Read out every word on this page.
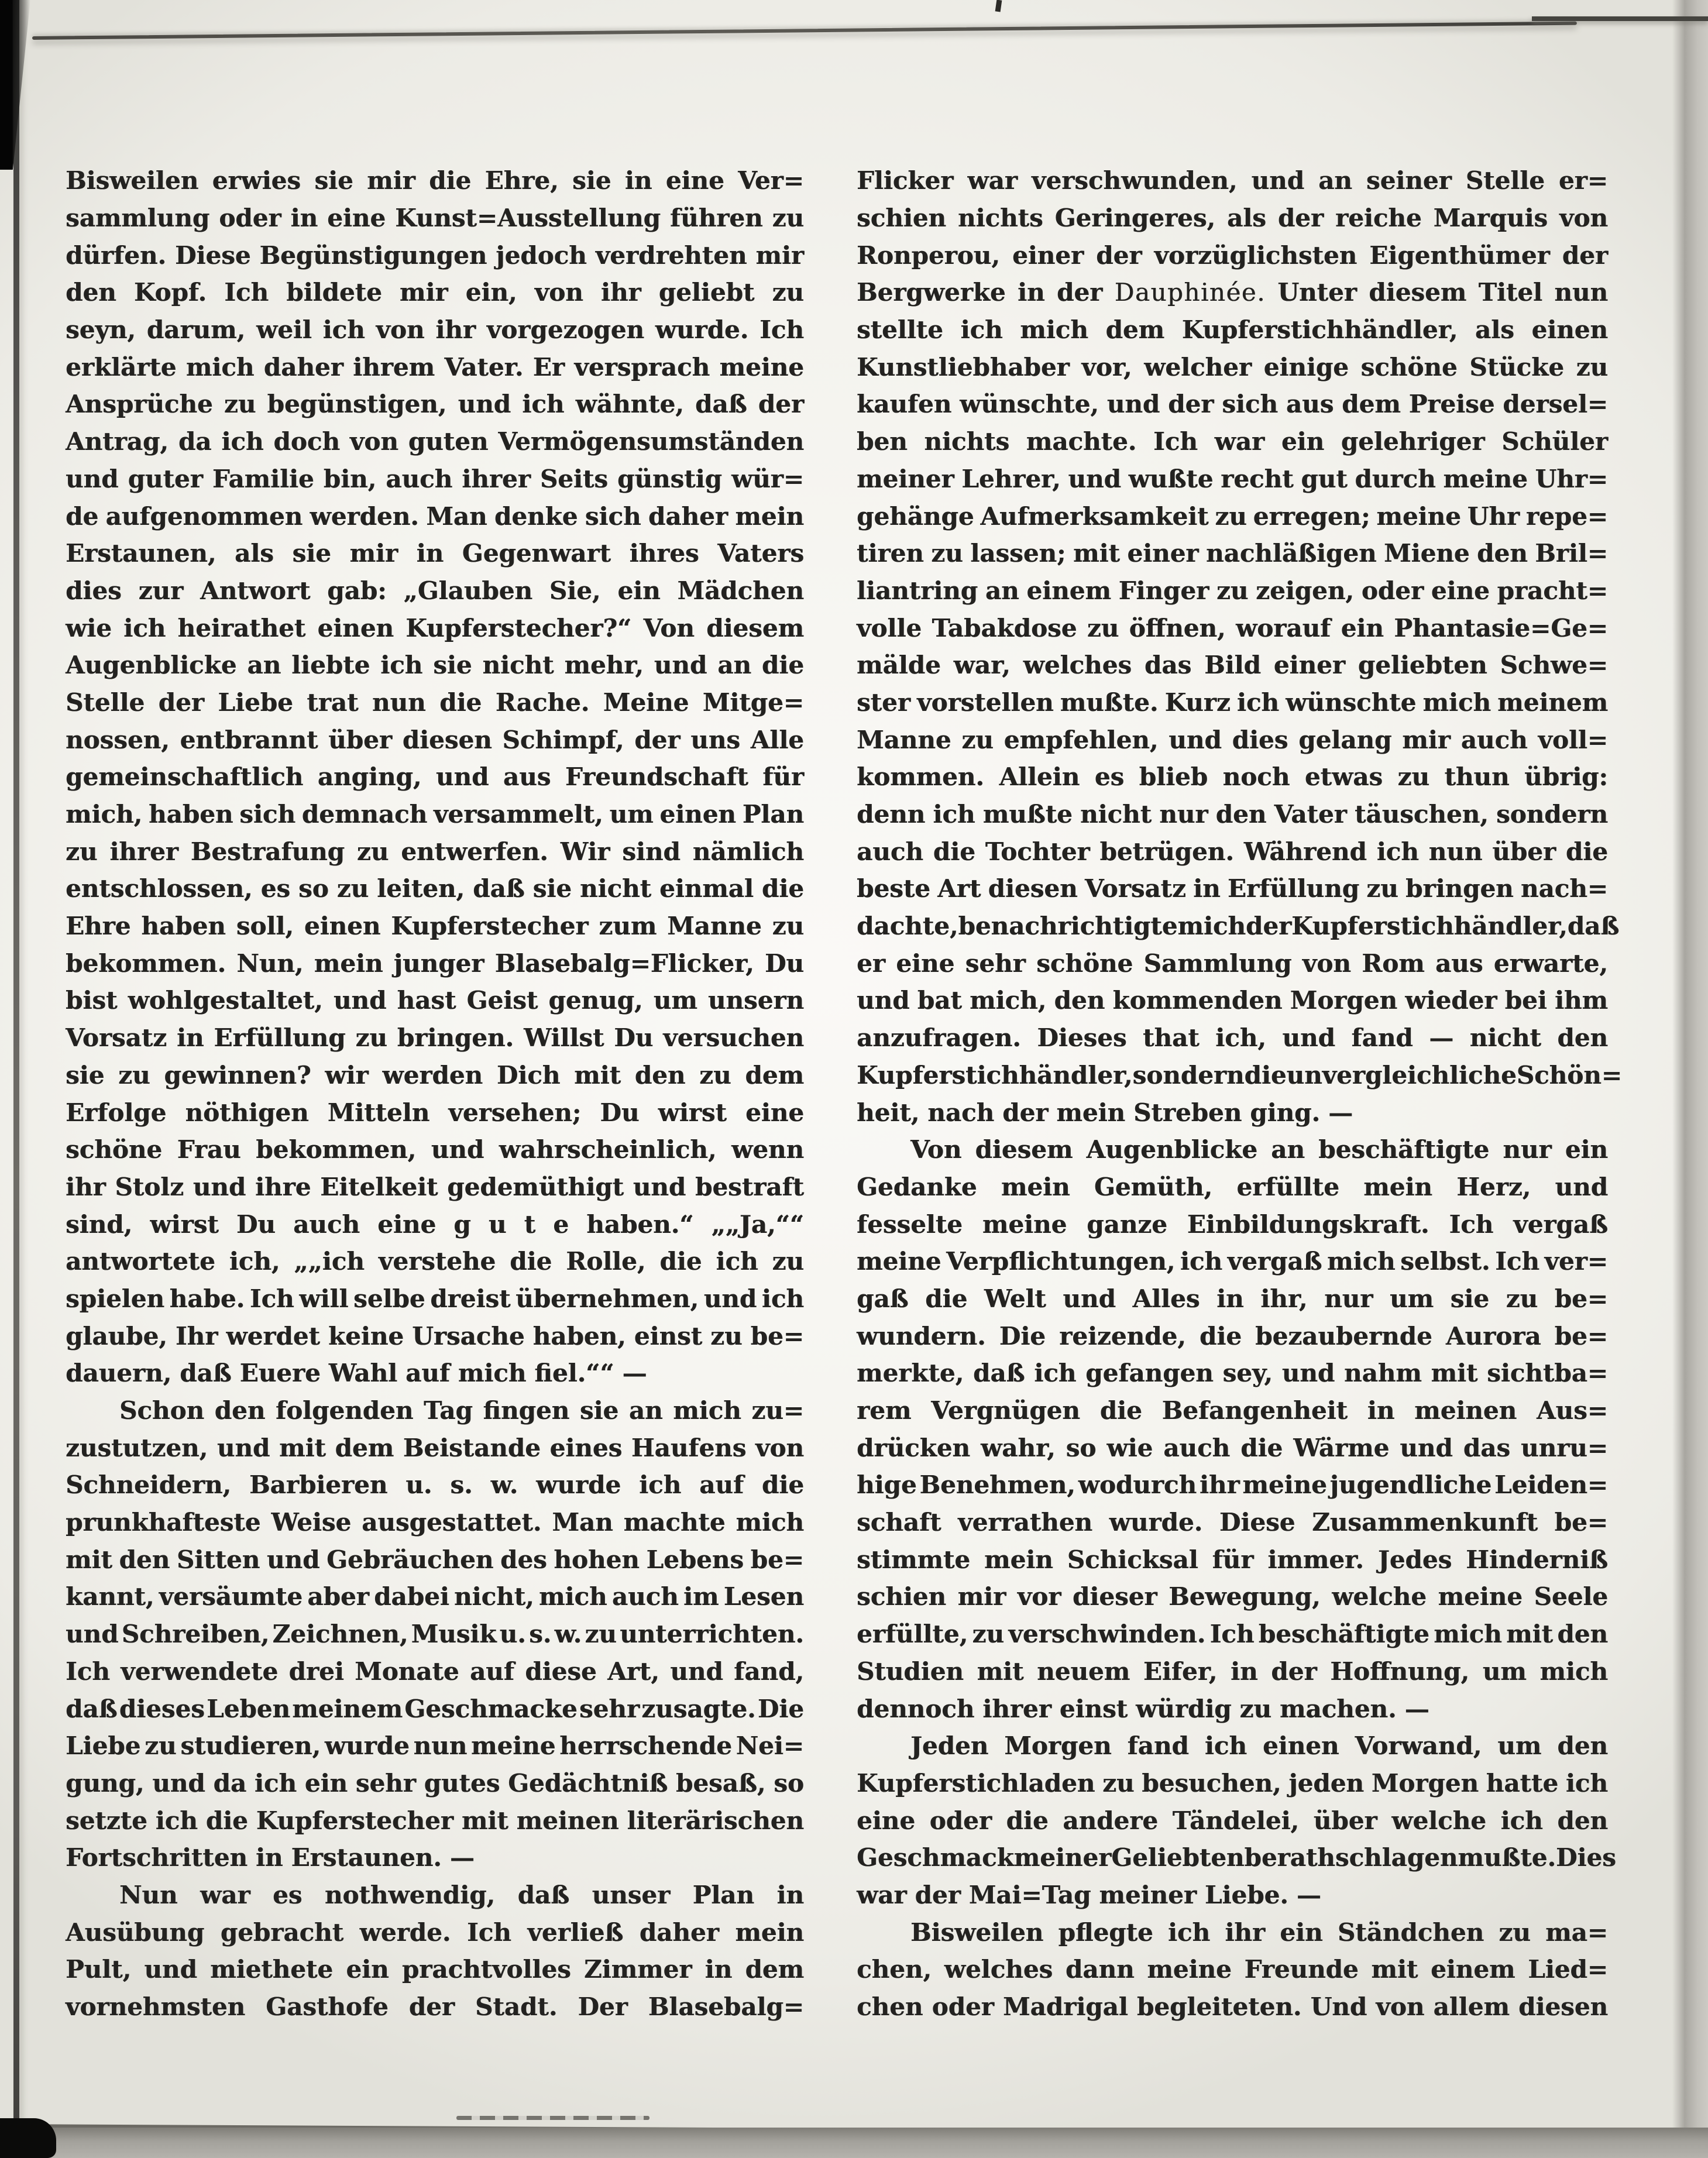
Bisweilen erwies sie mir die Ehre, sie in eine Ver=
sammlung oder in eine Kunst=Ausstellung führen zu
dürfen. Diese Begünstigungen jedoch verdrehten mir
den Kopf. Ich bildete mir ein, von ihr geliebt zu
seyn, darum, weil ich von ihr vorgezogen wurde. Ich
erklärte mich daher ihrem Vater. Er versprach meine
Ansprüche zu begünstigen, und ich wähnte, daß der
Antrag, da ich doch von guten Vermögensumständen
und guter Familie bin, auch ihrer Seits günstig wür=
de aufgenommen werden. Man denke sich daher mein
Erstaunen, als sie mir in Gegenwart ihres Vaters
dies zur Antwort gab: „Glauben Sie, ein Mädchen
wie ich heirathet einen Kupferstecher?“ Von diesem
Augenblicke an liebte ich sie nicht mehr, und an die
Stelle der Liebe trat nun die Rache. Meine Mitge=
nossen, entbrannt über diesen Schimpf, der uns Alle
gemeinschaftlich anging, und aus Freundschaft für
mich, haben sich demnach versammelt, um einen Plan
zu ihrer Bestrafung zu entwerfen. Wir sind nämlich
entschlossen, es so zu leiten, daß sie nicht einmal die
Ehre haben soll, einen Kupferstecher zum Manne zu
bekommen. Nun, mein junger Blasebalg=Flicker, Du
bist wohlgestaltet, und hast Geist genug, um unsern
Vorsatz in Erfüllung zu bringen. Willst Du versuchen
sie zu gewinnen? wir werden Dich mit den zu dem
Erfolge nöthigen Mitteln versehen; Du wirst eine
schöne Frau bekommen, und wahrscheinlich, wenn
ihr Stolz und ihre Eitelkeit gedemüthigt und bestraft
sind, wirst Du auch eine g u t e haben.“ „„Ja,““
antwortete ich, „„ich verstehe die Rolle, die ich zu
spielen habe. Ich will selbe dreist übernehmen, und ich
glaube, Ihr werdet keine Ursache haben, einst zu be=
dauern, daß Euere Wahl auf mich fiel.““ —
Schon den folgenden Tag fingen sie an mich zu=
zustutzen, und mit dem Beistande eines Haufens von
Schneidern, Barbieren u. s. w. wurde ich auf die
prunkhafteste Weise ausgestattet. Man machte mich
mit den Sitten und Gebräuchen des hohen Lebens be=
kannt, versäumte aber dabei nicht, mich auch im Lesen
und Schreiben, Zeichnen, Musik u. s. w. zu unterrichten.
Ich verwendete drei Monate auf diese Art, und fand,
daß dieses Leben meinem Geschmacke sehr zusagte. Die
Liebe zu studieren, wurde nun meine herrschende Nei=
gung, und da ich ein sehr gutes Gedächtniß besaß, so
setzte ich die Kupferstecher mit meinen literärischen
Fortschritten in Erstaunen. —
Nun war es nothwendig, daß unser Plan in
Ausübung gebracht werde. Ich verließ daher mein
Pult, und miethete ein prachtvolles Zimmer in dem
vornehmsten Gasthofe der Stadt. Der Blasebalg=
Flicker war verschwunden, und an seiner Stelle er=
schien nichts Geringeres, als der reiche Marquis von
Ronperou, einer der vorzüglichsten Eigenthümer der
Bergwerke in der Dauphinée. Unter diesem Titel nun
stellte ich mich dem Kupferstichhändler, als einen
Kunstliebhaber vor, welcher einige schöne Stücke zu
kaufen wünschte, und der sich aus dem Preise dersel=
ben nichts machte. Ich war ein gelehriger Schüler
meiner Lehrer, und wußte recht gut durch meine Uhr=
gehänge Aufmerksamkeit zu erregen; meine Uhr repe=
tiren zu lassen; mit einer nachläßigen Miene den Bril=
liantring an einem Finger zu zeigen, oder eine pracht=
volle Tabakdose zu öffnen, worauf ein Phantasie=Ge=
mälde war, welches das Bild einer geliebten Schwe=
ster vorstellen mußte. Kurz ich wünschte mich meinem
Manne zu empfehlen, und dies gelang mir auch voll=
kommen. Allein es blieb noch etwas zu thun übrig:
denn ich mußte nicht nur den Vater täuschen, sondern
auch die Tochter betrügen. Während ich nun über die
beste Art diesen Vorsatz in Erfüllung zu bringen nach=
dachte, benachrichtigte mich der Kupferstichhändler, daß
er eine sehr schöne Sammlung von Rom aus erwarte,
und bat mich, den kommenden Morgen wieder bei ihm
anzufragen. Dieses that ich, und fand — nicht den
Kupferstichhändler, sondern die unvergleichliche Schön=
heit, nach der mein Streben ging. —
Von diesem Augenblicke an beschäftigte nur ein
Gedanke mein Gemüth, erfüllte mein Herz, und
fesselte meine ganze Einbildungskraft. Ich vergaß
meine Verpflichtungen, ich vergaß mich selbst. Ich ver=
gaß die Welt und Alles in ihr, nur um sie zu be=
wundern. Die reizende, die bezaubernde Aurora be=
merkte, daß ich gefangen sey, und nahm mit sichtba=
rem Vergnügen die Befangenheit in meinen Aus=
drücken wahr, so wie auch die Wärme und das unru=
hige Benehmen, wodurch ihr meine jugendliche Leiden=
schaft verrathen wurde. Diese Zusammenkunft be=
stimmte mein Schicksal für immer. Jedes Hinderniß
schien mir vor dieser Bewegung, welche meine Seele
erfüllte, zu verschwinden. Ich beschäftigte mich mit den
Studien mit neuem Eifer, in der Hoffnung, um mich
dennoch ihrer einst würdig zu machen. —
Jeden Morgen fand ich einen Vorwand, um den
Kupferstichladen zu besuchen, jeden Morgen hatte ich
eine oder die andere Tändelei, über welche ich den
Geschmack meiner Geliebten berathschlagen mußte. Dies
war der Mai=Tag meiner Liebe. —
Bisweilen pflegte ich ihr ein Ständchen zu ma=
chen, welches dann meine Freunde mit einem Lied=
chen oder Madrigal begleiteten. Und von allem diesen
